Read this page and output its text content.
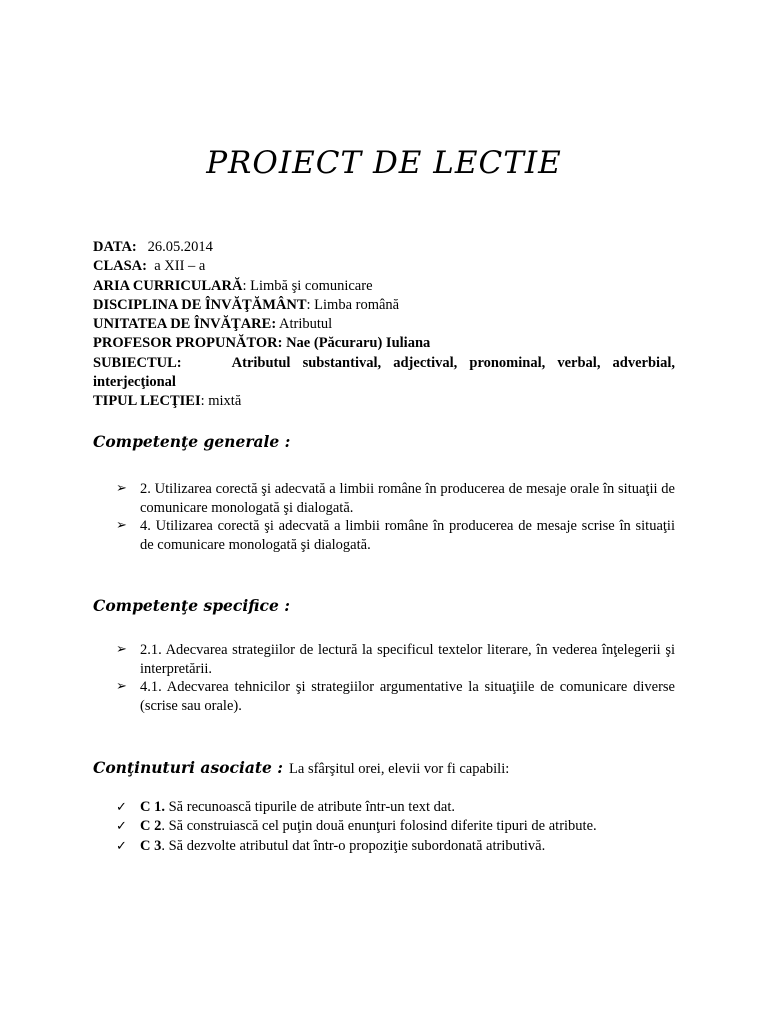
PROIECT DE LECTIE
DATA: 26.05.2014
CLASA: a XII – a
ARIA CURRICULARĂ: Limbă şi comunicare
DISCIPLINA DE ÎNVĂŢĂMÂNT: Limba română
UNITATEA DE ÎNVĂŢARE: Atributul
PROFESOR PROPUNĂTOR: Nae (Păcuraru) Iuliana
SUBIECTUL:	Atributul substantival, adjectival, pronominal, verbal, adverbial, interjecţional
TIPUL LECŢIEI: mixtă
Competenţe generale :
➢ 2. Utilizarea corectă şi adecvată a limbii române în producerea de mesaje orale în situaţii de comunicare monologată şi dialogată.
➢ 4. Utilizarea corectă şi adecvată a limbii române în producerea de mesaje scrise în situaţii de comunicare monologată şi dialogată.
Competenţe specifice :
➢ 2.1. Adecvarea strategiilor de lectură la specificul textelor literare, în vederea înţelegerii şi interpretării.
➢ 4.1. Adecvarea tehnicilor şi strategiilor argumentative la situaţiile de comunicare diverse (scrise sau orale).
Conţinuturi asociate : La sfârşitul orei, elevii vor fi capabili:
✓ C 1. Să recunoască tipurile de atribute într-un text dat.
✓ C 2. Să construiască cel puţin două enunţuri folosind diferite tipuri de atribute.
✓ C 3. Să dezvolte atributul dat într-o propoziţie subordonată atributivă.
